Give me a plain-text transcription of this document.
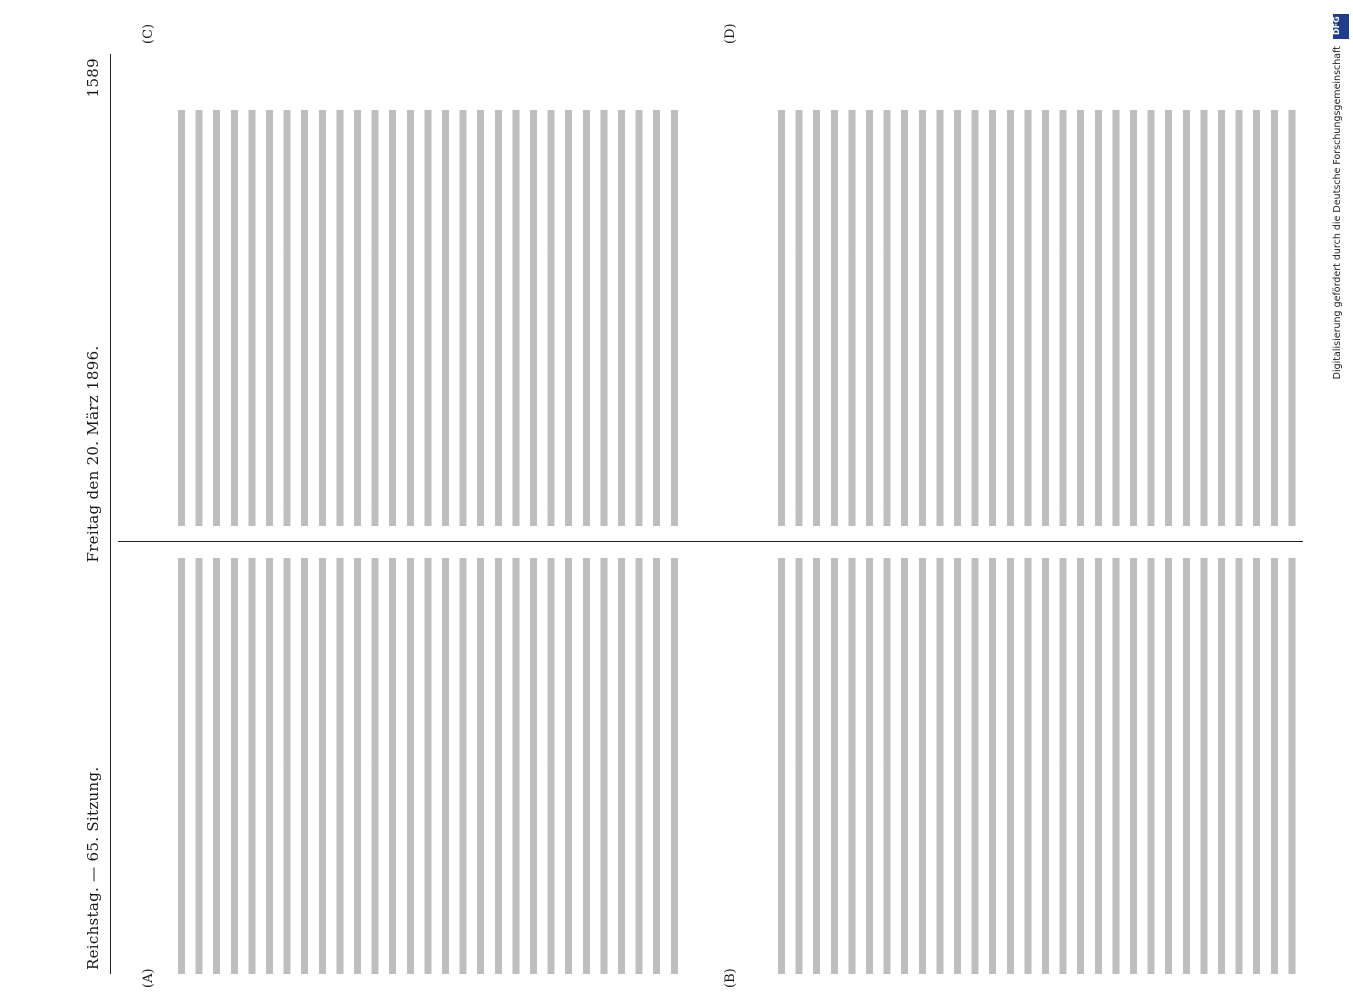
Reichstag. — 65. Sitzung.
Freitag den 20. März 1896.
1589
(A)	(B)

(C)	(D)	DFG
Digitalisierung gefördert durch die Deutsche Forschungsgemeinschaft
